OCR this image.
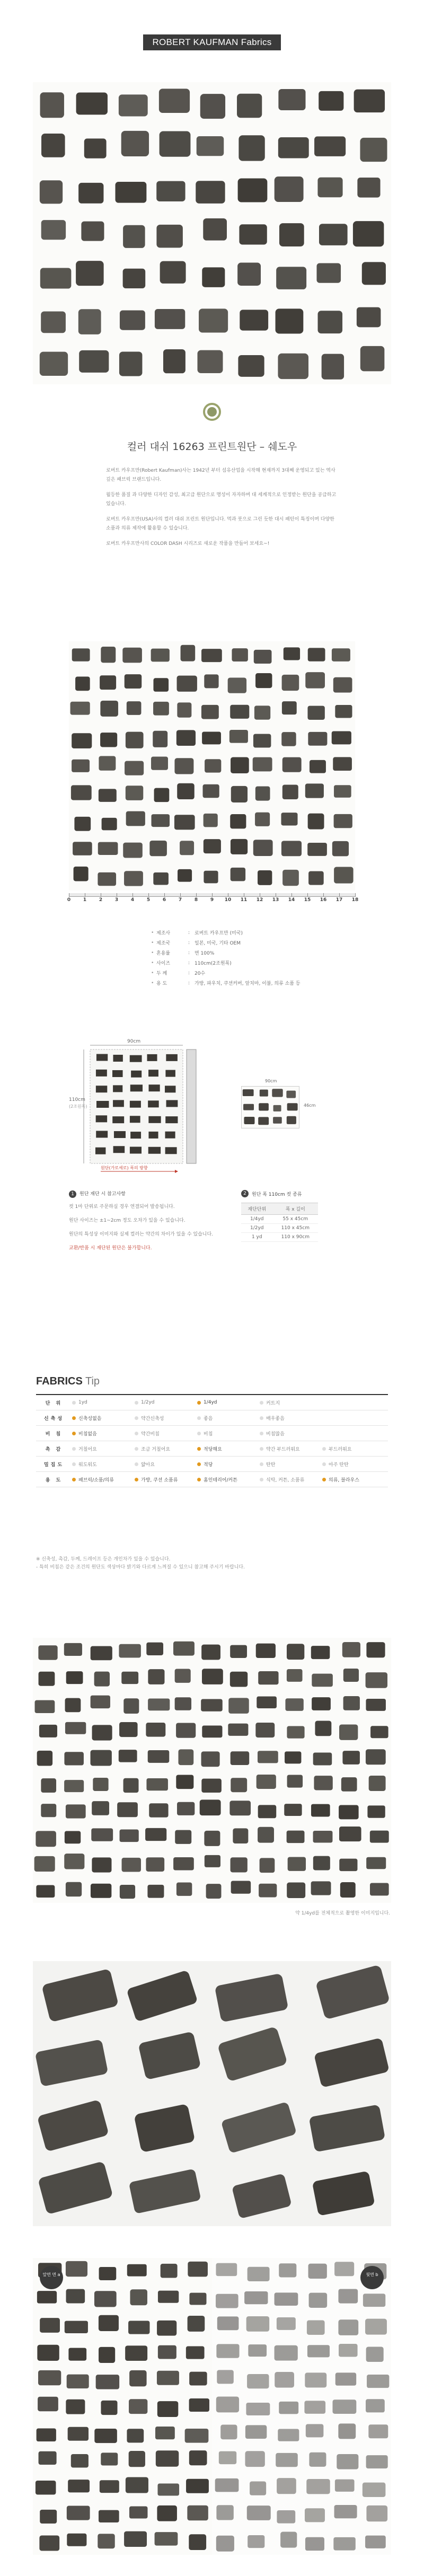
ROBERT KAUFMAN Fabrics
컬러 대쉬 16263 프린트원단 – 쉐도우

로버트 카우프만(Robert Kaufman)사는 1942년 부터 섬유산업을 시작해 현재까지 3대째 운영되고 있는 역사깊은 패브릭 브랜드입니다.

월등한 품질 과 다양한 디자인 감성, 최고급 원단으로 명성이 자자하며 대 세계적으로 인정받는 원단을 공급하고 있습니다.

로버트 카우프만(USA)사의 컬러 대쉬 프린트 원단입니다. 먹과 붓으로 그린 듯한 대시 패턴이 특징이며 다양한 소품과 의류 제작에 활용할 수 있습니다.

로버트 카우프만사의 COLOR DASH 시리즈로 새로운 작품을 만들어 보세요~!

0	1	2	3	4	5	6	7	8	9	10	11	12	13	14	15	16	17	18
• 제조사	: 로버트 카우프만 (미국)
• 제조국	: 일본, 미국, 기타 OEM
• 혼용률	: 면 100%
• 사이즈	: 110cm(2조원폭)
• 두 께	: 20수
• 용 도	: 가방, 파우치, 쿠션커버, 앞치마, 이불, 의류 소품 등
90cm
110cm
(2조원폭)
원단(가로세로) 폭의 방향
90cm
46cm
1	원단 재단 시 참고사항

컷 1마 단위로 주문하실 경우 연결되어 발송됩니다.

원단 사이즈는 ±1~2cm 정도 오차가 있을 수 있습니다.

원단의 특성상 이미지와 실제 컬러는 약간의 차이가 있을 수 있습니다.

교환/반품 시 재단된 원단은 불가합니다.

2	원단 폭 110cm 컷 종류
재단단위	폭 x 길이
1/4yd	55 x 45cm
1/2yd	110 x 45cm
1 yd	110 x 90cm
FABRICS Tip
단 위	1yd	1/2yd	1/4yd	커트지
신축성	신축성없음	약간신축성	좋음	매우좋음
비 침	비침없음	약간비침	비침	비침많음
촉 감	거칠어요	조금 거칠어요	적당해요	약간 부드러워요	부드러워요
밀집도	워도워도	얇아요	적당	탄탄	아주 탄탄
용 도	패브릭/소품/의류	가방, 쿠션 소품류	홈인테리어/커튼	식탁, 커튼, 소품류	의류, 블라우스
※ 신축성, 촉감, 두께, 드레이프 등은 개인차가 있을 수 있습니다.
- 특히 비침은 같은 조건의 원단도 색상마다 밝기와 다르게 느껴질 수 있으니 참고해 주시기 바랍니다.
약 1/4yd를 전체적으로 촬영한 이미지입니다.
앞면 면 a	뒷면 b
